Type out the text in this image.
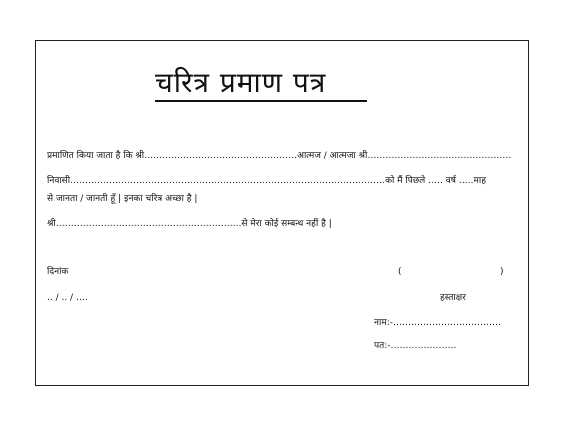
चरित्र प्रमाण पत्र
प्रमाणित किया जाता है कि श्री……………………………………………आत्मज / आत्मजा श्री…………………………………………
निवासी……………………………………………………………………………………………को मैं पिछले ….. वर्ष …..माह
से जानता / जानती हूँ | इनका चरित्र अच्छा है |
श्री……………………………………………………..से मेरा कोई सम्बन्ध नहीं है |
दिनांक
.. / .. / ….
(	)
हस्ताक्षर
नाम:-………………………………
पत:-………………….
